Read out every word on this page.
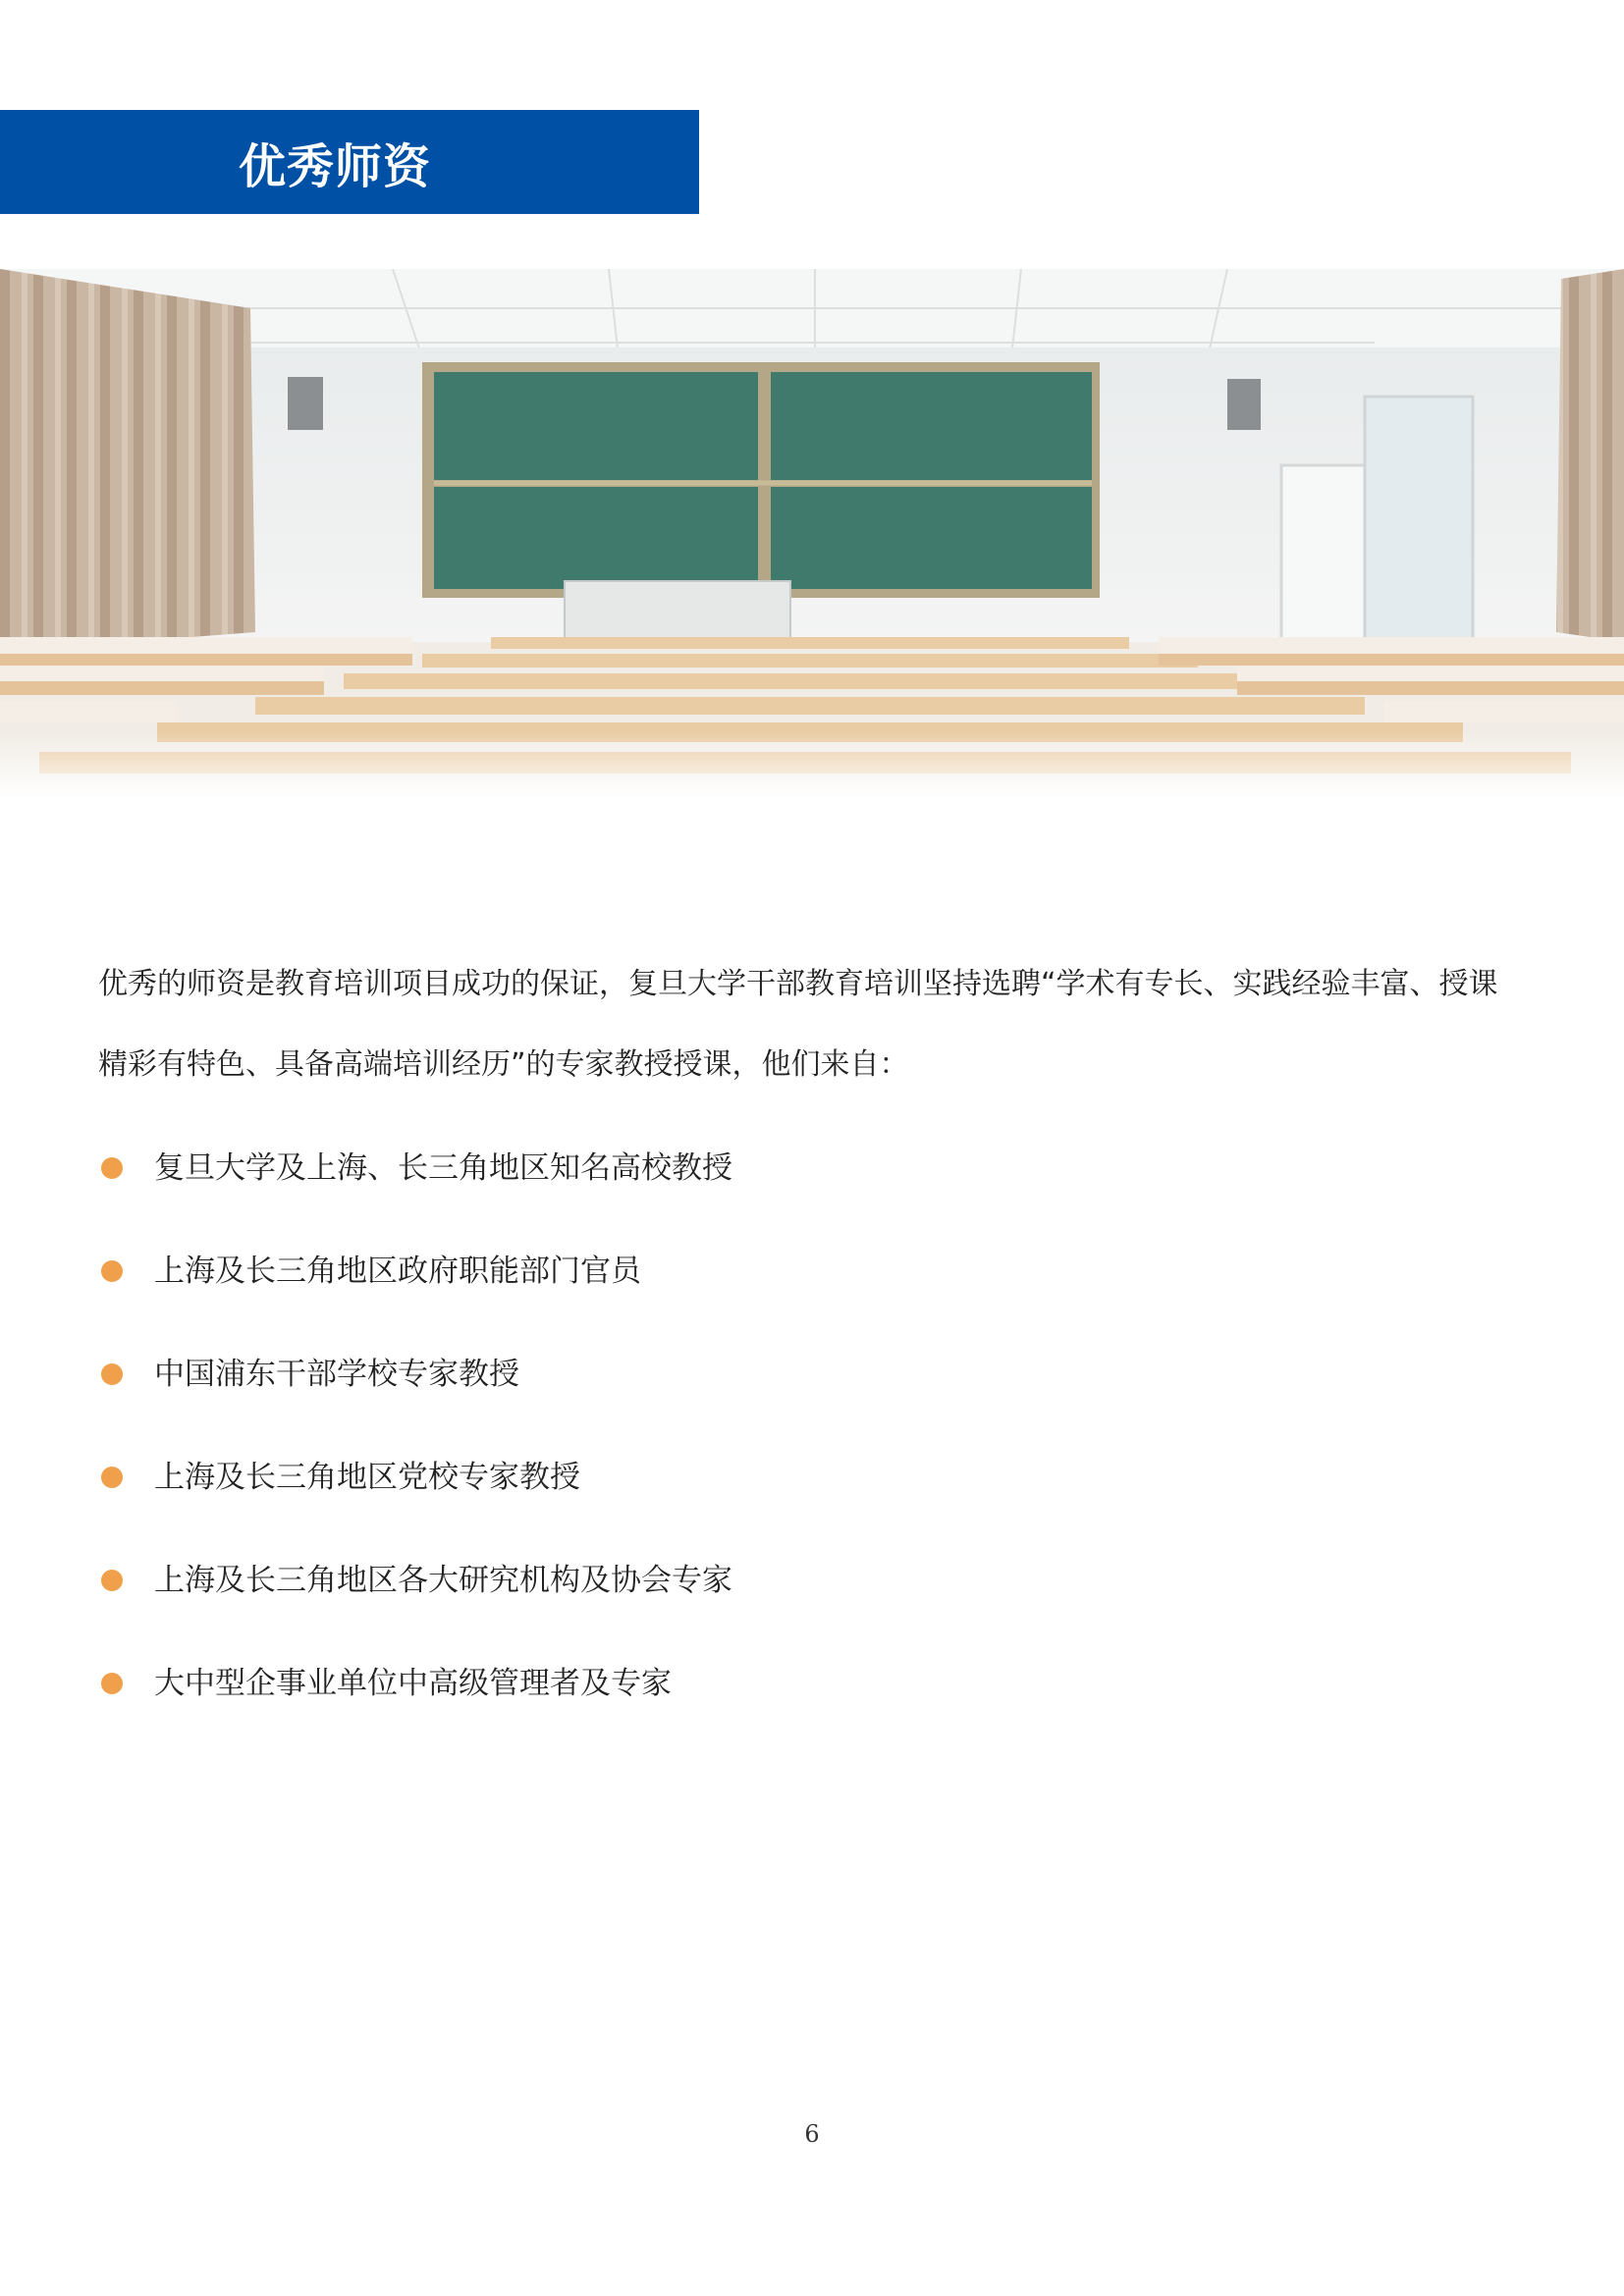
优秀师资

优秀的师资是教育培训项目成功的保证，复旦大学干部教育培训坚持选聘“学术有专长、实践经验丰富、授课

精彩有特色、具备高端培训经历”的专家教授授课，他们来自：

复旦大学及上海、长三角地区知名高校教授
上海及长三角地区政府职能部门官员
中国浦东干部学校专家教授
上海及长三角地区党校专家教授
上海及长三角地区各大研究机构及协会专家
大中型企事业单位中高级管理者及专家
6
